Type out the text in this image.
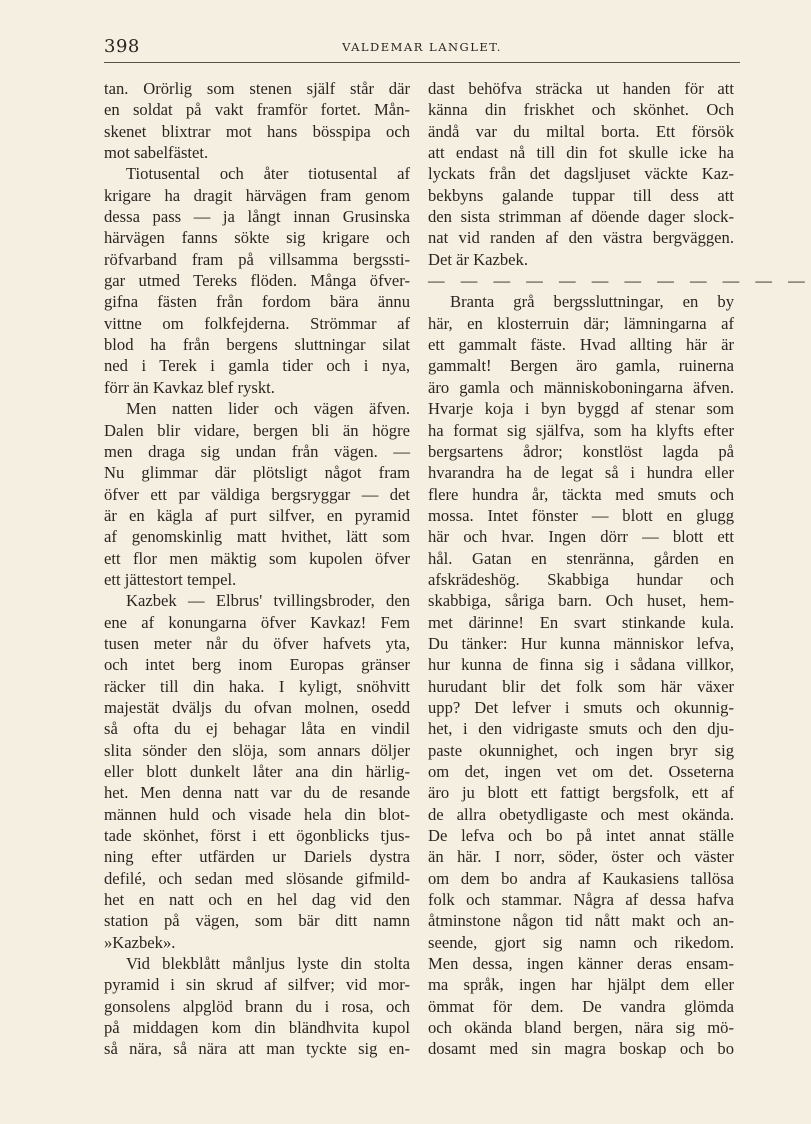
398	VALDEMAR LANGLET.
tan. Orörlig som stenen själf står där
en soldat på vakt framför fortet. Mån-
skenet blixtrar mot hans bösspipa och
mot sabelfästet.
Tiotusental och åter tiotusental af
krigare ha dragit härvägen fram genom
dessa pass — ja långt innan Grusinska
härvägen fanns sökte sig krigare och
röfvarband fram på villsamma bergssti-
gar utmed Tereks flöden. Många öfver-
gifna fästen från fordom bära ännu
vittne om folkfejderna. Strömmar af
blod ha från bergens sluttningar silat
ned i Terek i gamla tider och i nya,
förr än Kavkaz blef ryskt.
Men natten lider och vägen äfven.
Dalen blir vidare, bergen bli än högre
men draga sig undan från vägen. —
Nu glimmar där plötsligt något fram
öfver ett par väldiga bergsryggar — det
är en kägla af purt silfver, en pyramid
af genomskinlig matt hvithet, lätt som
ett flor men mäktig som kupolen öfver
ett jättestort tempel.
Kazbek — Elbrus' tvillingsbroder, den
ene af konungarna öfver Kavkaz! Fem
tusen meter når du öfver hafvets yta,
och intet berg inom Europas gränser
räcker till din haka. I kyligt, snöhvitt
majestät dväljs du ofvan molnen, osedd
så ofta du ej behagar låta en vindil
slita sönder den slöja, som annars döljer
eller blott dunkelt låter ana din härlig-
het. Men denna natt var du de resande
männen huld och visade hela din blot-
tade skönhet, först i ett ögonblicks tjus-
ning efter utfärden ur Dariels dystra
defilé, och sedan med slösande gifmild-
het en natt och en hel dag vid den
station på vägen, som bär ditt namn
»Kazbek».
Vid blekblått månljus lyste din stolta
pyramid i sin skrud af silfver; vid mor-
gonsolens alpglöd brann du i rosa, och
på middagen kom din bländhvita kupol
så nära, så nära att man tyckte sig en-
dast behöfva sträcka ut handen för att
känna din friskhet och skönhet. Och
ändå var du miltal borta. Ett försök
att endast nå till din fot skulle icke ha
lyckats från det dagsljuset väckte Kaz-
bekbyns galande tuppar till dess att
den sista strimman af döende dager slock-
nat vid randen af den västra bergväggen.
Det är Kazbek.
— — — — — — — — — — — —
Branta grå bergssluttningar, en by
här, en klosterruin där; lämningarna af
ett gammalt fäste. Hvad allting här är
gammalt! Bergen äro gamla, ruinerna
äro gamla och människoboningarna äfven.
Hvarje koja i byn byggd af stenar som
ha format sig själfva, som ha klyfts efter
bergsartens ådror; konstlöst lagda på
hvarandra ha de legat så i hundra eller
flere hundra år, täckta med smuts och
mossa. Intet fönster — blott en glugg
här och hvar. Ingen dörr — blott ett
hål. Gatan en stenränna, gården en
afskrädeshög. Skabbiga hundar och
skabbiga, såriga barn. Och huset, hem-
met därinne! En svart stinkande kula.
Du tänker: Hur kunna människor lefva,
hur kunna de finna sig i sådana villkor,
hurudant blir det folk som här växer
upp? Det lefver i smuts och okunnig-
het, i den vidrigaste smuts och den dju-
paste okunnighet, och ingen bryr sig
om det, ingen vet om det. Osseterna
äro ju blott ett fattigt bergsfolk, ett af
de allra obetydligaste och mest okända.
De lefva och bo på intet annat ställe
än här. I norr, söder, öster och väster
om dem bo andra af Kaukasiens tallösa
folk och stammar. Några af dessa hafva
åtminstone någon tid nått makt och an-
seende, gjort sig namn och rikedom.
Men dessa, ingen känner deras ensam-
ma språk, ingen har hjälpt dem eller
ömmat för dem. De vandra glömda
och okända bland bergen, nära sig mö-
dosamt med sin magra boskap och bo
